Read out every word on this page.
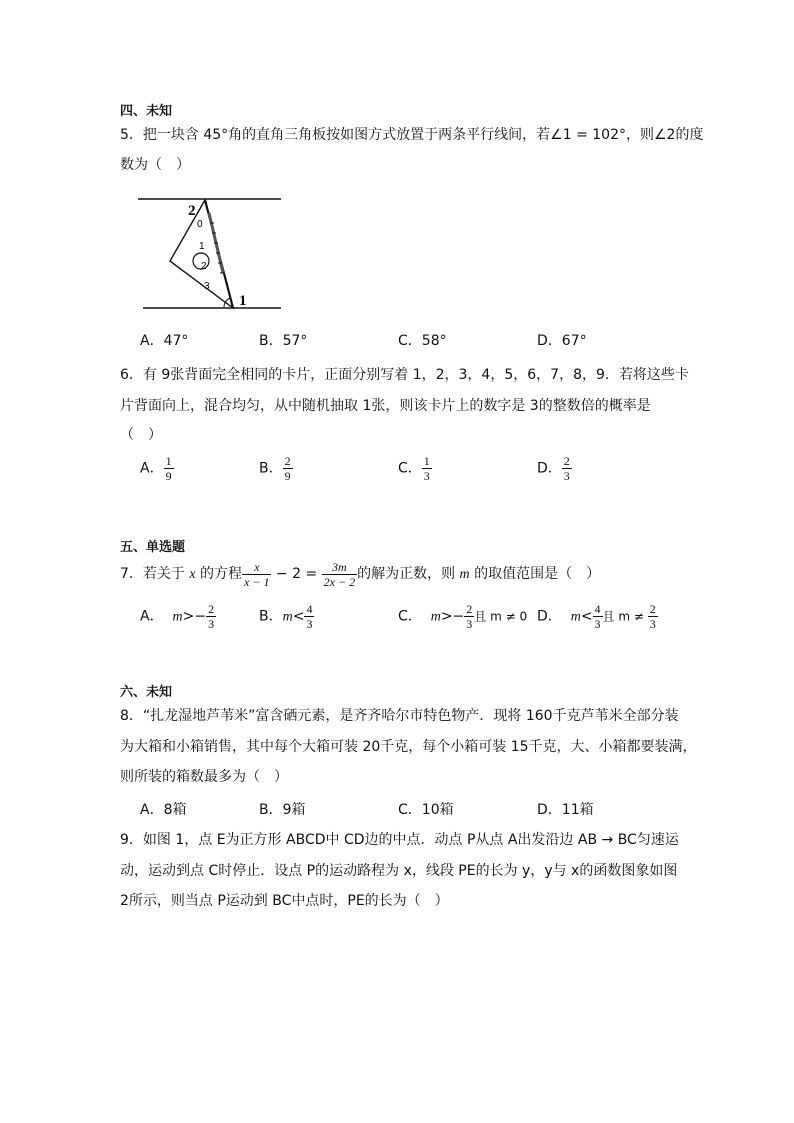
四、未知
5．把一块含 45°角的直角三角板按如图方式放置于两条平行线间，若∠1 = 102°，则∠2的度
数为（　）
0
1
2
3
2
1
A．47°	B．57°	C．58°	D．67°
6．有 9张背面完全相同的卡片，正面分别写着 1，2，3，4，5，6，7，8，9．若将这些卡
片背面向上，混合均匀，从中随机抽取 1张，则该卡片上的数字是 3的整数倍的概率是
（　）
A． $\frac{1}{9}$	B． $\frac{2}{9}$	C． $\frac{1}{3}$	D． $\frac{2}{3}$
五、单选题
7．若关于 x 的方程 $\frac{x}{x - 1} - 2 = \frac{3m}{2x - 2}$ 的解为正数，则 m 的取值范围是（　）
A． $m>- \frac{2}{3}$	B．$m< \frac{4}{3}$	C． $m>- \frac{2}{3}$ 且 m ≠ 0 D． $m< \frac{4}{3}$ 且 $m \ne \frac{2}{3}$
六、未知
8．“扎龙湿地芦苇米”富含硒元素，是齐齐哈尔市特色物产．现将 160千克芦苇米全部分装
为大箱和小箱销售，其中每个大箱可装 20千克，每个小箱可装 15千克，大、小箱都要装满，
则所装的箱数最多为（　）
A．8箱	B．9箱	C．10箱	D．11箱
9．如图 1，点 E为正方形 ABCD中 CD边的中点．动点 P从点 A出发沿边 AB → BC匀速运
动，运动到点 C时停止．设点 P的运动路程为 x，线段 PE的长为 y，y与 x的函数图象如图
2所示，则当点 P运动到 BC中点时，PE的长为（　）
